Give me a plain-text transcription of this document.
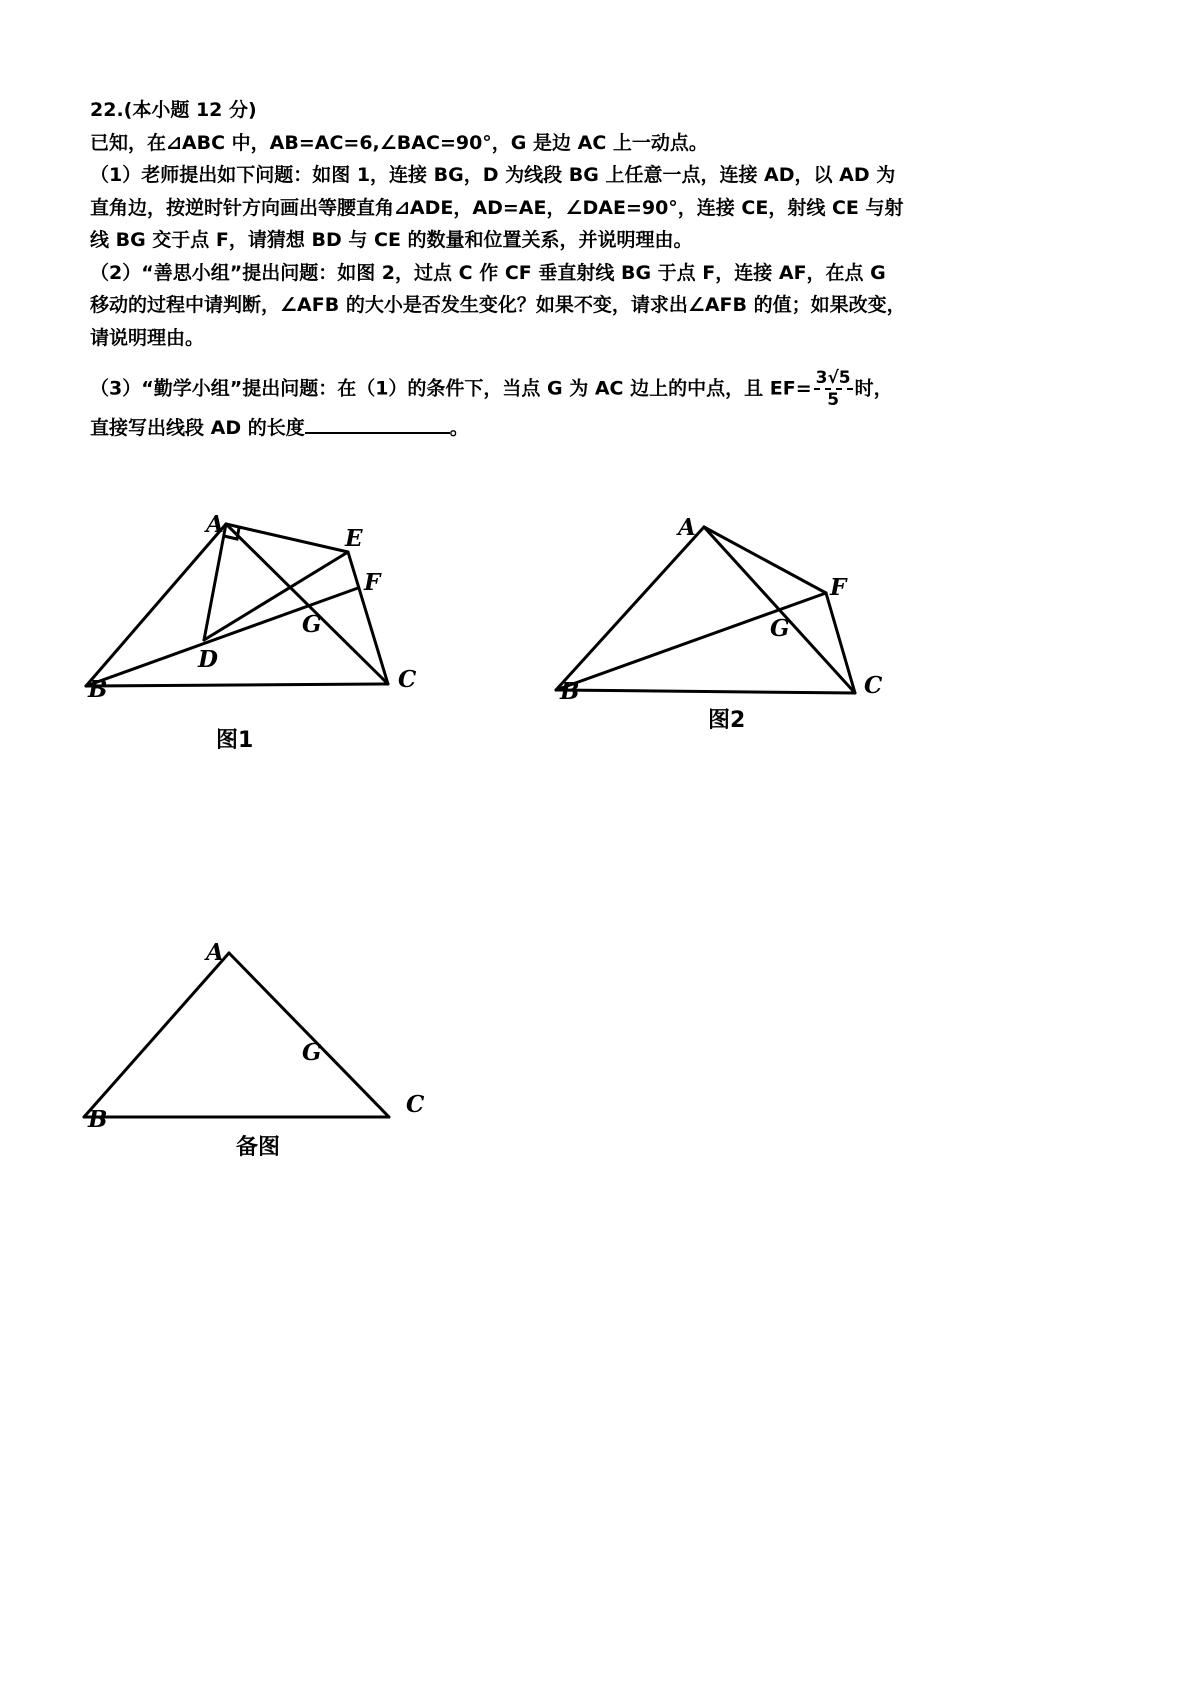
22.(本小题 12 分)

已知，在⊿ABC 中，AB=AC=6,∠BAC=90°，G 是边 AC 上一动点。

（1）老师提出如下问题：如图 1，连接 BG，D 为线段 BG 上任意一点，连接 AD，以 AD 为直角边，按逆时针方向画出等腰直角⊿ADE，AD=AE，∠DAE=90°，连接 CE，射线 CE 与射线 BG 交于点 F，请猜想 BD 与 CE 的数量和位置关系，并说明理由。

（2）“善思小组”提出问题：如图 2，过点 C 作 CF 垂直射线 BG 于点 F，连接 AF，在点 G 移动的过程中请判断，∠AFB 的大小是否发生变化？如果不变，请求出∠AFB 的值；如果改变，请说明理由。

（3）“勤学小组”提出问题：在（1）的条件下，当点 G 为 AC 边上的中点，且 $EF= \frac{3√5}{5}$ 时，
直接写出线段 AD 的长度	。

A
B	C
D
E
F
G
图1
A
B	C
F
G
图2
A
B
C
G
备图
